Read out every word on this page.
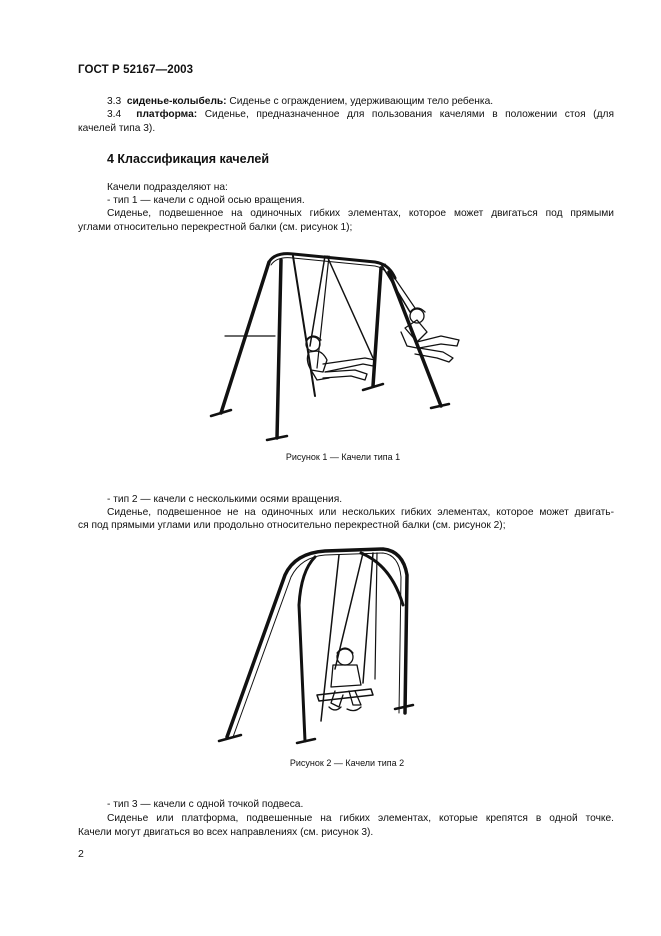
ГОСТ Р 52167—2003
3.3 сиденье-колыбель: Сиденье с ограждением, удерживающим тело ребенка.
3.4 платформа: Сиденье, предназначенное для пользования качелями в положении стоя (для
качелей типа 3).
4 Классификация качелей
Качели подразделяют на:
- тип 1 — качели с одной осью вращения.
Сиденье, подвешенное на одиночных гибких элементах, которое может двигаться под прямыми
углами относительно перекрестной балки (см. рисунок 1);
Рисунок 1 — Качели типа 1
- тип 2 — качели с несколькими осями вращения.
Сиденье, подвешенное не на одиночных или нескольких гибких элементах, которое может двигать-
ся под прямыми углами или продольно относительно перекрестной балки (см. рисунок 2);
Рисунок 2 — Качели типа 2
- тип 3 — качели с одной точкой подвеса.
Сиденье или платформа, подвешенные на гибких элементах, которые крепятся в одной точке.
Качели могут двигаться во всех направлениях (см. рисунок 3).
2
